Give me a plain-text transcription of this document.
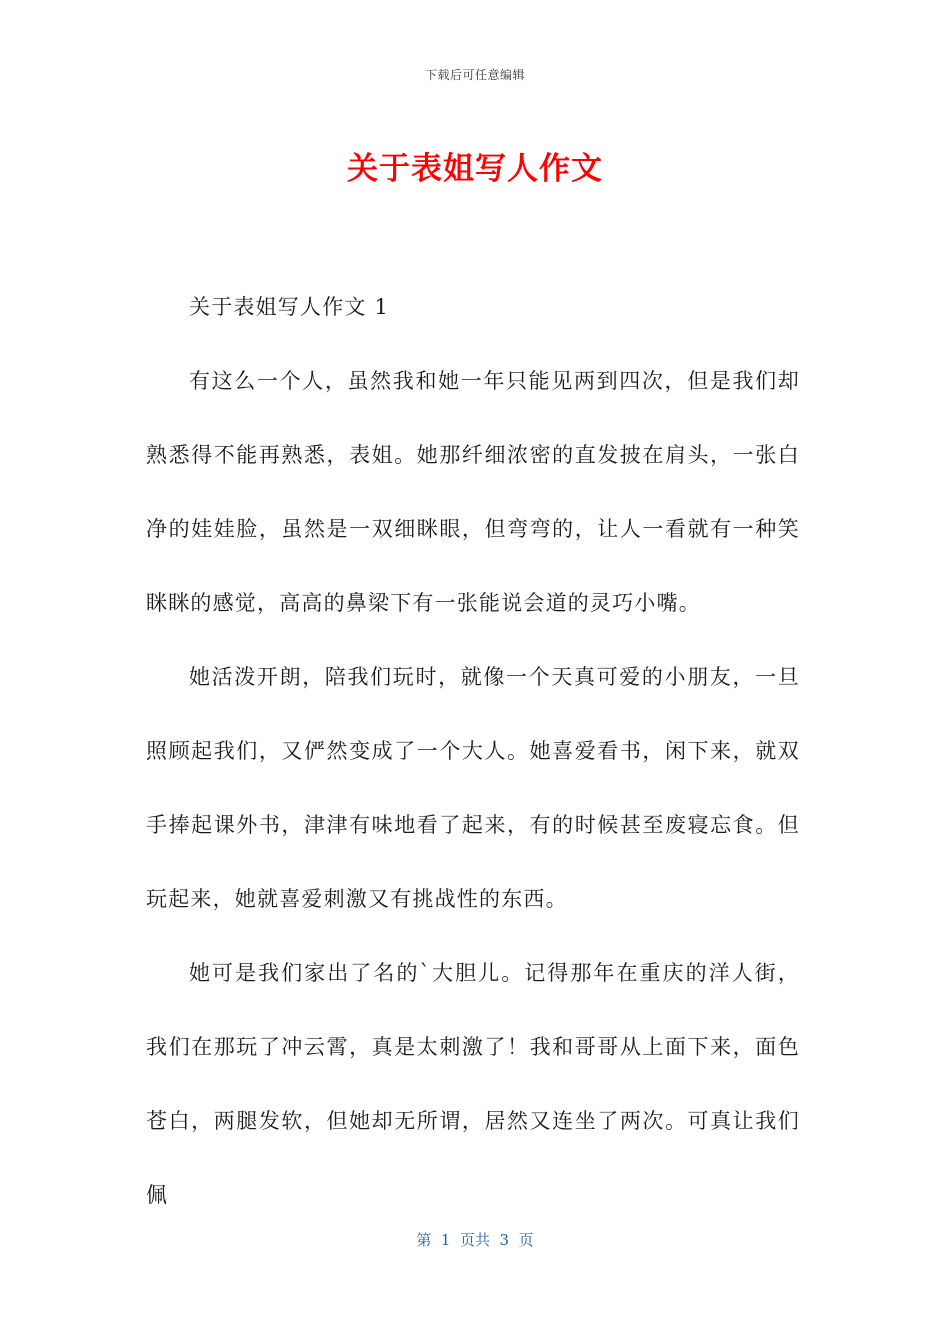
下载后可任意编辑
关于表姐写人作文

关于表姐写人作文 1

有这么一个人，虽然我和她一年只能见两到四次，但是我们却熟悉得不能再熟悉，表姐。她那纤细浓密的直发披在肩头，一张白净的娃娃脸，虽然是一双细眯眼，但弯弯的，让人一看就有一种笑眯眯的感觉，高高的鼻梁下有一张能说会道的灵巧小嘴。

她活泼开朗，陪我们玩时，就像一个天真可爱的小朋友，一旦照顾起我们，又俨然变成了一个大人。她喜爱看书，闲下来，就双手捧起课外书，津津有味地看了起来，有的时候甚至废寝忘食。但玩起来，她就喜爱刺激又有挑战性的东西。

她可是我们家出了名的`大胆儿。记得那年在重庆的洋人街，我们在那玩了冲云霄，真是太刺激了！我和哥哥从上面下来，面色苍白，两腿发软，但她却无所谓，居然又连坐了两次。可真让我们佩

第  1  页共  3  页
